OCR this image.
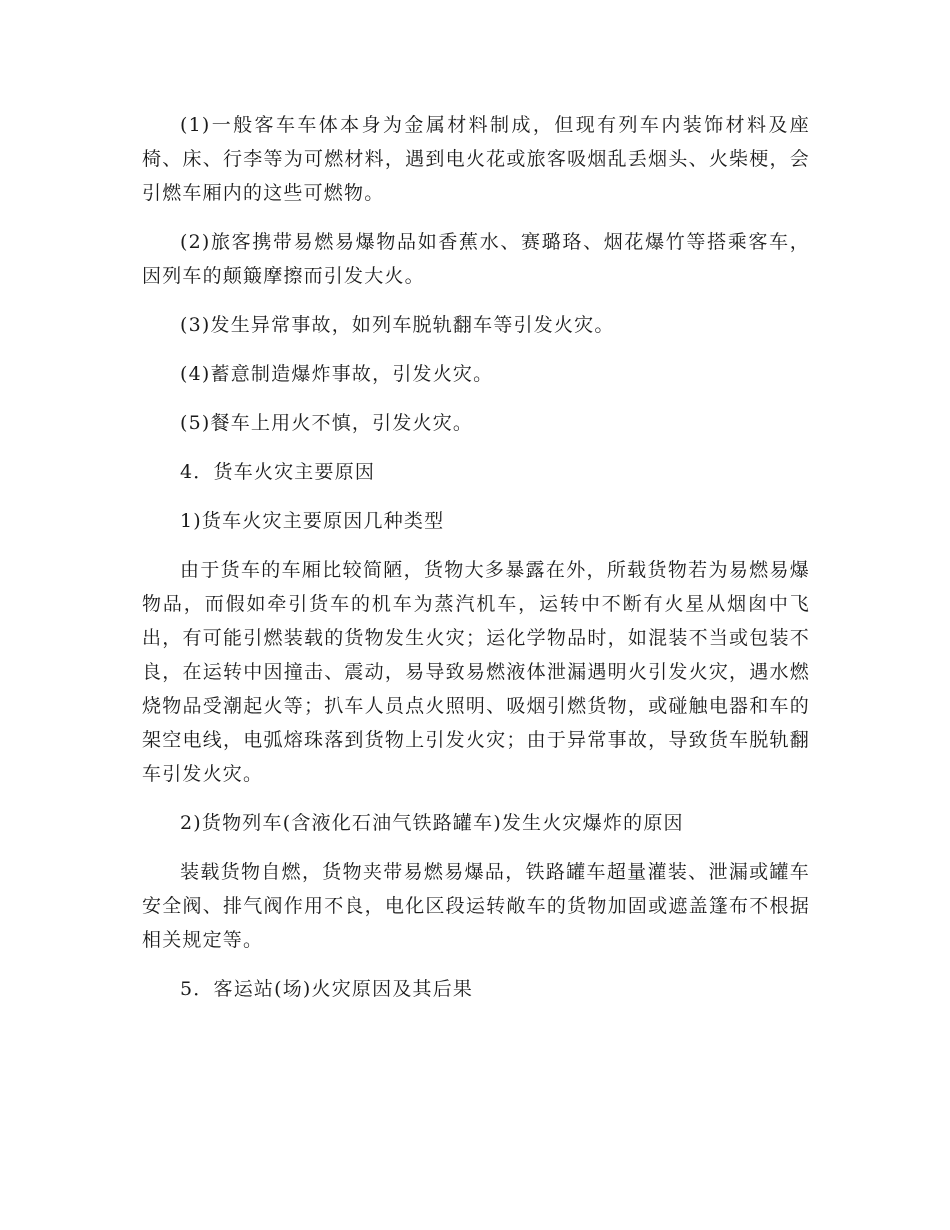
(1)一般客车车体本身为金属材料制成，但现有列车内装饰材料及座椅、床、行李等为可燃材料，遇到电火花或旅客吸烟乱丢烟头、火柴梗，会引燃车厢内的这些可燃物。

(2)旅客携带易燃易爆物品如香蕉水、赛璐珞、烟花爆竹等搭乘客车，因列车的颠簸摩擦而引发大火。

(3)发生异常事故，如列车脱轨翻车等引发火灾。

(4)蓄意制造爆炸事故，引发火灾。

(5)餐车上用火不慎，引发火灾。

4．货车火灾主要原因

1)货车火灾主要原因几种类型

由于货车的车厢比较简陋，货物大多暴露在外，所载货物若为易燃易爆物品，而假如牵引货车的机车为蒸汽机车，运转中不断有火星从烟囱中飞出，有可能引燃装载的货物发生火灾；运化学物品时，如混装不当或包装不良，在运转中因撞击、震动，易导致易燃液体泄漏遇明火引发火灾，遇水燃烧物品受潮起火等；扒车人员点火照明、吸烟引燃货物，或碰触电器和车的架空电线，电弧熔珠落到货物上引发火灾；由于异常事故，导致货车脱轨翻车引发火灾。

2)货物列车(含液化石油气铁路罐车)发生火灾爆炸的原因

装载货物自燃，货物夹带易燃易爆品，铁路罐车超量灌装、泄漏或罐车安全阀、排气阀作用不良，电化区段运转敞车的货物加固或遮盖篷布不根据相关规定等。

5．客运站(场)火灾原因及其后果
